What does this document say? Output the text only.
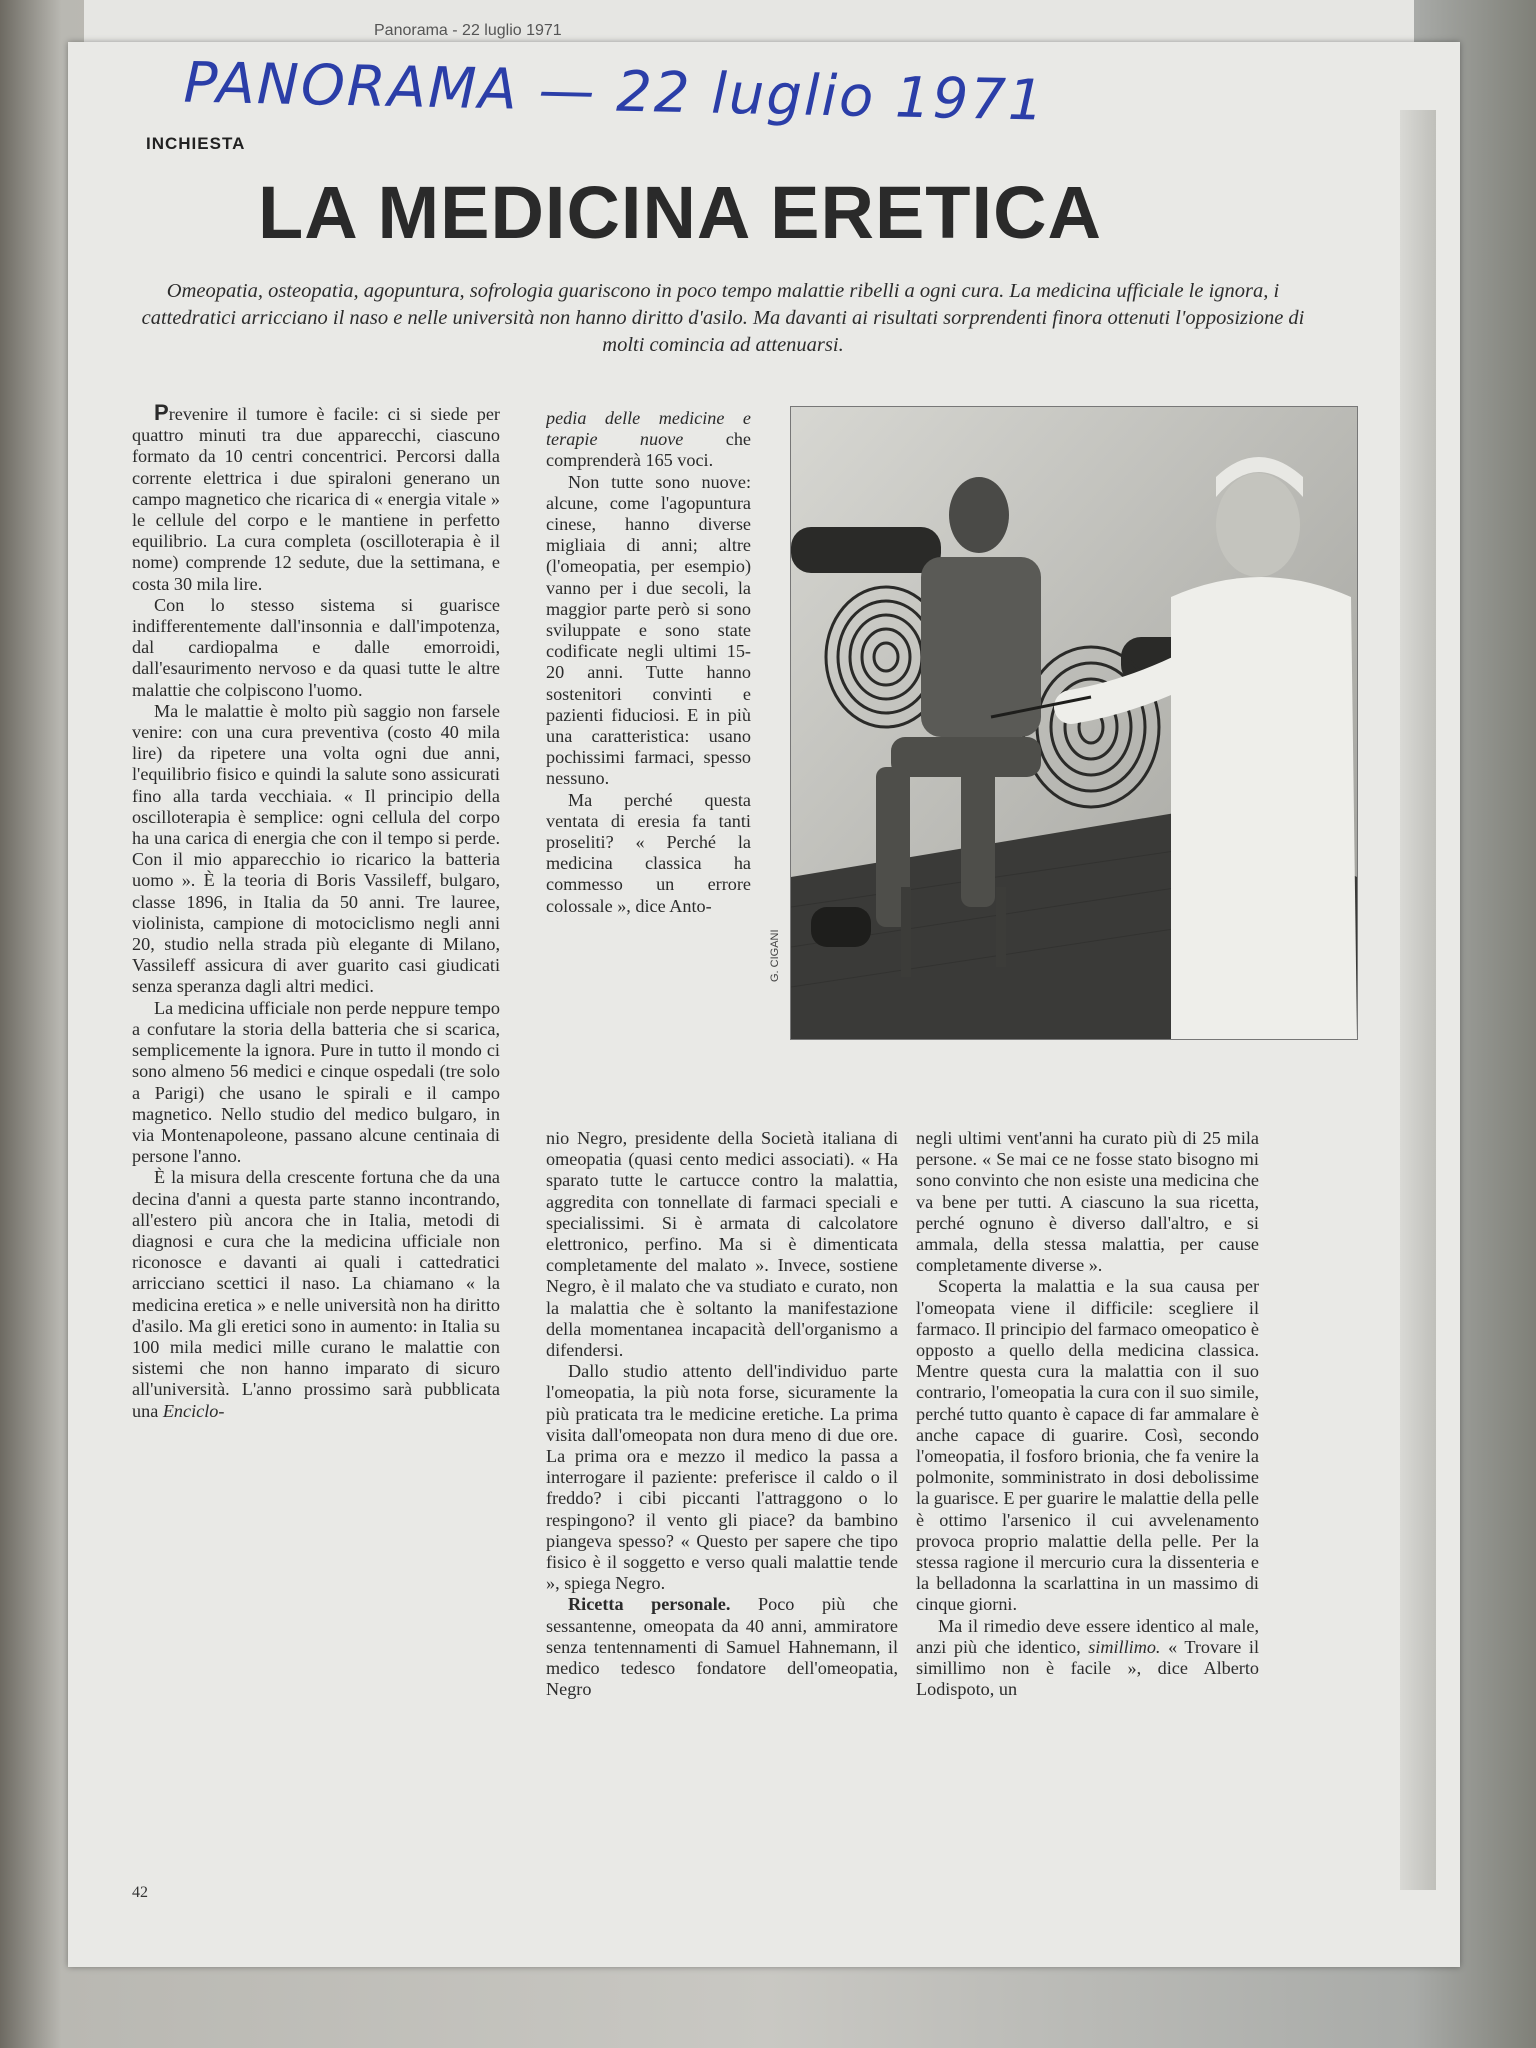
Panorama - 22 luglio 1971
PANORAMA — 22 luglio 1971
INCHIESTA
LA MEDICINA ERETICA
Omeopatia, osteopatia, agopuntura, sofrologia guariscono in poco tempo malattie ribelli a ogni cura. La medicina ufficiale le ignora, i cattedratici arricciano il naso e nelle università non hanno diritto d'asilo. Ma davanti ai risultati sorprendenti finora ottenuti l'opposizione di molti comincia ad attenuarsi.

Prevenire il tumore è facile: ci si siede per quattro minuti tra due apparecchi, ciascuno formato da 10 centri concentrici. Percorsi dalla corrente elettrica i due spiraloni generano un campo magnetico che ricarica di « energia vitale » le cellule del corpo e le mantiene in perfetto equilibrio. La cura completa (oscilloterapia è il nome) comprende 12 sedute, due la settimana, e costa 30 mila lire.

Con lo stesso sistema si guarisce indifferentemente dall'insonnia e dall'impotenza, dal cardiopalma e dalle emorroidi, dall'esaurimento nervoso e da quasi tutte le altre malattie che colpiscono l'uomo.

Ma le malattie è molto più saggio non farsele venire: con una cura preventiva (costo 40 mila lire) da ripetere una volta ogni due anni, l'equilibrio fisico e quindi la salute sono assicurati fino alla tarda vecchiaia. « Il principio della oscilloterapia è semplice: ogni cellula del corpo ha una carica di energia che con il tempo si perde. Con il mio apparecchio io ricarico la batteria uomo ». È la teoria di Boris Vassileff, bulgaro, classe 1896, in Italia da 50 anni. Tre lauree, violinista, campione di motociclismo negli anni 20, studio nella strada più elegante di Milano, Vassileff assicura di aver guarito casi giudicati senza speranza dagli altri medici.

La medicina ufficiale non perde neppure tempo a confutare la storia della batteria che si scarica, semplicemente la ignora. Pure in tutto il mondo ci sono almeno 56 medici e cinque ospedali (tre solo a Parigi) che usano le spirali e il campo magnetico. Nello studio del medico bulgaro, in via Montenapoleone, passano alcune centinaia di persone l'anno.

È la misura della crescente fortuna che da una decina d'anni a questa parte stanno incontrando, all'estero più ancora che in Italia, metodi di diagnosi e cura che la medicina ufficiale non riconosce e davanti ai quali i cattedratici arricciano scettici il naso. La chiamano « la medicina eretica » e nelle università non ha diritto d'asilo. Ma gli eretici sono in aumento: in Italia su 100 mila medici mille curano le malattie con sistemi che non hanno imparato di sicuro all'università. L'anno prossimo sarà pubblicata una Enciclo-

pedia delle medicine e terapie nuove che comprenderà 165 voci.

Non tutte sono nuove: alcune, come l'agopuntura cinese, hanno diverse migliaia di anni; altre (l'omeopatia, per esempio) vanno per i due secoli, la maggior parte però si sono sviluppate e sono state codificate negli ultimi 15-20 anni. Tutte hanno sostenitori convinti e pazienti fiduciosi. E in più una caratteristica: usano pochissimi farmaci, spesso nessuno.

Ma perché questa ventata di eresia fa tanti proseliti? « Perché la medicina classica ha commesso un errore colossale », dice Anto-

G. CIGANI

nio Negro, presidente della Società italiana di omeopatia (quasi cento medici associati). « Ha sparato tutte le cartucce contro la malattia, aggredita con tonnellate di farmaci speciali e specialissimi. Si è armata di calcolatore elettronico, perfino. Ma si è dimenticata completamente del malato ». Invece, sostiene Negro, è il malato che va studiato e curato, non la malattia che è soltanto la manifestazione della momentanea incapacità dell'organismo a difendersi.

Dallo studio attento dell'individuo parte l'omeopatia, la più nota forse, sicuramente la più praticata tra le medicine eretiche. La prima visita dall'omeopata non dura meno di due ore. La prima ora e mezzo il medico la passa a interrogare il paziente: preferisce il caldo o il freddo? i cibi piccanti l'attraggono o lo respingono? il vento gli piace? da bambino piangeva spesso? « Questo per sapere che tipo fisico è il soggetto e verso quali malattie tende », spiega Negro.

Ricetta personale. Poco più che sessantenne, omeopata da 40 anni, ammiratore senza tentennamenti di Samuel Hahnemann, il medico tedesco fondatore dell'omeopatia, Negro

negli ultimi vent'anni ha curato più di 25 mila persone. « Se mai ce ne fosse stato bisogno mi sono convinto che non esiste una medicina che va bene per tutti. A ciascuno la sua ricetta, perché ognuno è diverso dall'altro, e si ammala, della stessa malattia, per cause completamente diverse ».

Scoperta la malattia e la sua causa per l'omeopata viene il difficile: scegliere il farmaco. Il principio del farmaco omeopatico è opposto a quello della medicina classica. Mentre questa cura la malattia con il suo contrario, l'omeopatia la cura con il suo simile, perché tutto quanto è capace di far ammalare è anche capace di guarire. Così, secondo l'omeopatia, il fosforo brionia, che fa venire la polmonite, somministrato in dosi debolissime la guarisce. E per guarire le malattie della pelle è ottimo l'arsenico il cui avvelenamento provoca proprio malattie della pelle. Per la stessa ragione il mercurio cura la dissenteria e la belladonna la scarlattina in un massimo di cinque giorni.

Ma il rimedio deve essere identico al male, anzi più che identico, simillimo. « Trovare il simillimo non è facile », dice Alberto Lodispoto, un

42
